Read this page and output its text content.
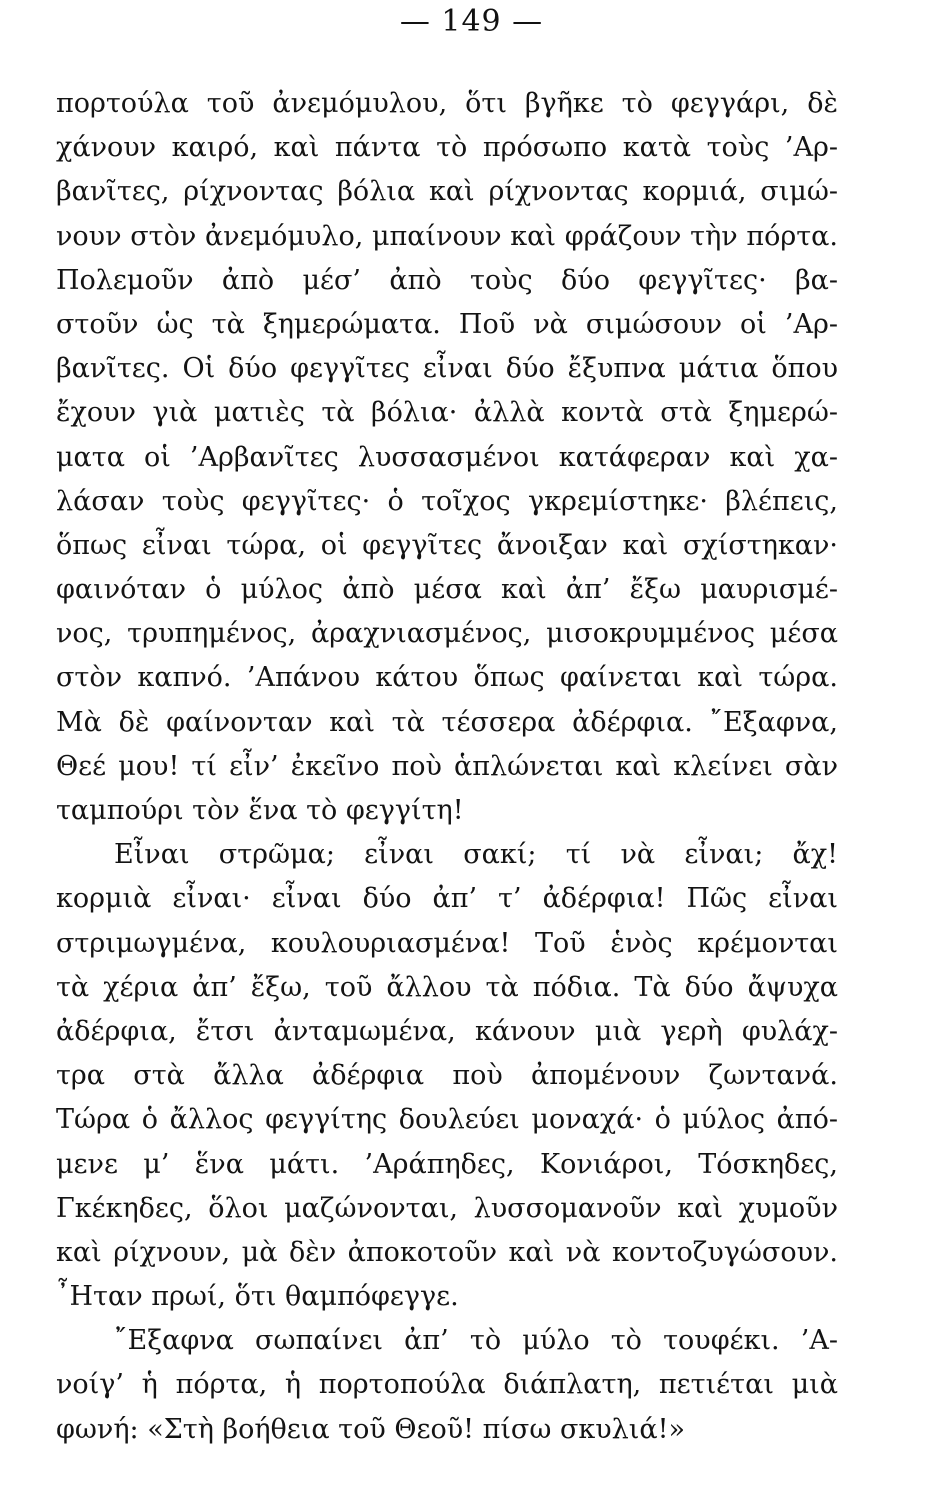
— 149 —
πορτούλα τοῦ ἀνεμόμυλου, ὅτι βγῆκε τὸ φεγγάρι, δὲ
χάνουν καιρό, καὶ πάντα τὸ πρόσωπο κατὰ τοὺς ’Αρ-
βανῖτες, ρίχνοντας βόλια καὶ ρίχνοντας κορμιά, σιμώ-
νουν στὸν ἀνεμόμυλο, μπαίνουν καὶ φράζουν τὴν πόρτα.
Πολεμοῦν ἀπὸ μέσ’ ἀπὸ τοὺς δύο φεγγῖτες· βα-
στοῦν ὡς τὰ ξημερώματα. Ποῦ νὰ σιμώσουν οἱ ’Αρ-
βανῖτες. Οἱ δύο φεγγῖτες εἶναι δύο ἔξυπνα μάτια ὅπου
ἔχουν γιὰ ματιὲς τὰ βόλια· ἀλλὰ κοντὰ στὰ ξημερώ-
ματα οἱ ’Αρβανῖτες λυσσασμένοι κατάφεραν καὶ χα-
λάσαν τοὺς φεγγῖτες· ὁ τοῖχος γκρεμίστηκε· βλέπεις,
ὅπως εἶναι τώρα, οἱ φεγγῖτες ἄνοιξαν καὶ σχίστηκαν·
φαινόταν ὁ μύλος ἀπὸ μέσα καὶ ἀπ’ ἔξω μαυρισμέ-
νος, τρυπημένος, ἀραχνιασμένος, μισοκρυμμένος μέσα
στὸν καπνό. ’Απάνου κάτου ὅπως φαίνεται καὶ τώρα.
Μὰ δὲ φαίνονταν καὶ τὰ τέσσερα ἀδέρφια. ῎Εξαφνα,
Θεέ μου! τί εἶν’ ἐκεῖνο ποὺ ἁπλώνεται καὶ κλείνει σὰν
ταμπούρι τὸν ἕνα τὸ φεγγίτη!
Εἶναι στρῶμα; εἶναι σακί; τί νὰ εἶναι; ἄχ!
κορμιὰ εἶναι· εἶναι δύο ἀπ’ τ’ ἀδέρφια! Πῶς εἶναι
στριμωγμένα, κουλουριασμένα! Τοῦ ἑνὸς κρέμονται
τὰ χέρια ἀπ’ ἔξω, τοῦ ἄλλου τὰ πόδια. Τὰ δύο ἄψυχα
ἀδέρφια, ἔτσι ἀνταμωμένα, κάνουν μιὰ γερὴ φυλάχ-
τρα στὰ ἄλλα ἀδέρφια ποὺ ἀπομένουν ζωντανά.
Τώρα ὁ ἄλλος φεγγίτης δουλεύει μοναχά· ὁ μύλος ἀπό-
μενε μ’ ἕνα μάτι. ’Αράπηδες, Κονιάροι, Τόσκηδες,
Γκέκηδες, ὅλοι μαζώνονται, λυσσομανοῦν καὶ χυμοῦν
καὶ ρίχνουν, μὰ δὲν ἀποκοτοῦν καὶ νὰ κοντοζυγώσουν.
῏Ηταν πρωί, ὅτι θαμπόφεγγε.
῎Εξαφνα σωπαίνει ἀπ’ τὸ μύλο τὸ τουφέκι. ’Α-
νοίγ’ ἡ πόρτα, ἡ πορτοπούλα διάπλατη, πετιέται μιὰ
φωνή: «Στὴ βοήθεια τοῦ Θεοῦ! πίσω σκυλιά!»
